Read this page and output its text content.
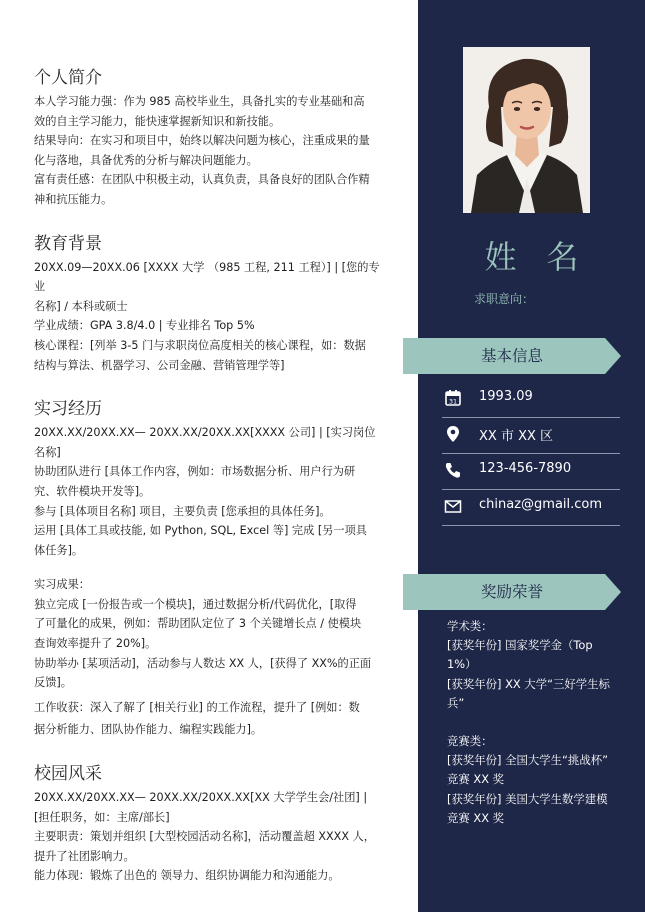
个人简介
本人学习能力强：作为 985 高校毕业生，具备扎实的专业基础和高
效的自主学习能力，能快速掌握新知识和新技能。
结果导向：在实习和项目中，始终以解决问题为核心，注重成果的量
化与落地，具备优秀的分析与解决问题能力。
富有责任感：在团队中积极主动，认真负责，具备良好的团队合作精
神和抗压能力。
教育背景
20XX.09—20XX.06 [XXXX 大学 （985 工程, 211 工程）] | [您的专业
名称] / 本科或硕士
学业成绩：GPA 3.8/4.0 | 专业排名 Top 5%
核心课程：[列举 3-5 门与求职岗位高度相关的核心课程，如：数据
结构与算法、机器学习、公司金融、营销管理学等]
实习经历
20XX.XX/20XX.XX— 20XX.XX/20XX.XX[XXXX 公司] | [实习岗位
名称]
协助团队进行 [具体工作内容，例如：市场数据分析、用户行为研
究、软件模块开发等]。
参与 [具体项目名称] 项目，主要负责 [您承担的具体任务]。
运用 [具体工具或技能, 如 Python, SQL, Excel 等] 完成 [另一项具
体任务]。
实习成果：
独立完成 [一份报告或一个模块]，通过数据分析/代码优化，[取得
了可量化的成果，例如：帮助团队定位了 3 个关键增长点 / 使模块
查询效率提升了 20%]。
协助举办 [某项活动]，活动参与人数达 XX 人，[获得了 XX%的正面
反馈]。
工作收获：深入了解了 [相关行业] 的工作流程，提升了 [例如：数
据分析能力、团队协作能力、编程实践能力]。
校园风采
20XX.XX/20XX.XX— 20XX.XX/20XX.XX[XX 大学学生会/社团] |
[担任职务，如：主席/部长]
主要职责：策划并组织 [大型校园活动名称]，活动覆盖超 XXXX 人，
提升了社团影响力。
能力体现：锻炼了出色的 领导力、组织协调能力和沟通能力。
姓名
求职意向：
基本信息
31 1993.09
XX 市 XX 区
123-456-7890
chinaz@gmail.com
奖励荣誉
学术类：
[获奖年份] 国家奖学金（Top
1%）
[获奖年份] XX 大学“三好学生标
兵”
竞赛类：
[获奖年份] 全国大学生“挑战杯”
竞赛 XX 奖
[获奖年份] 美国大学生数学建模
竞赛 XX 奖
